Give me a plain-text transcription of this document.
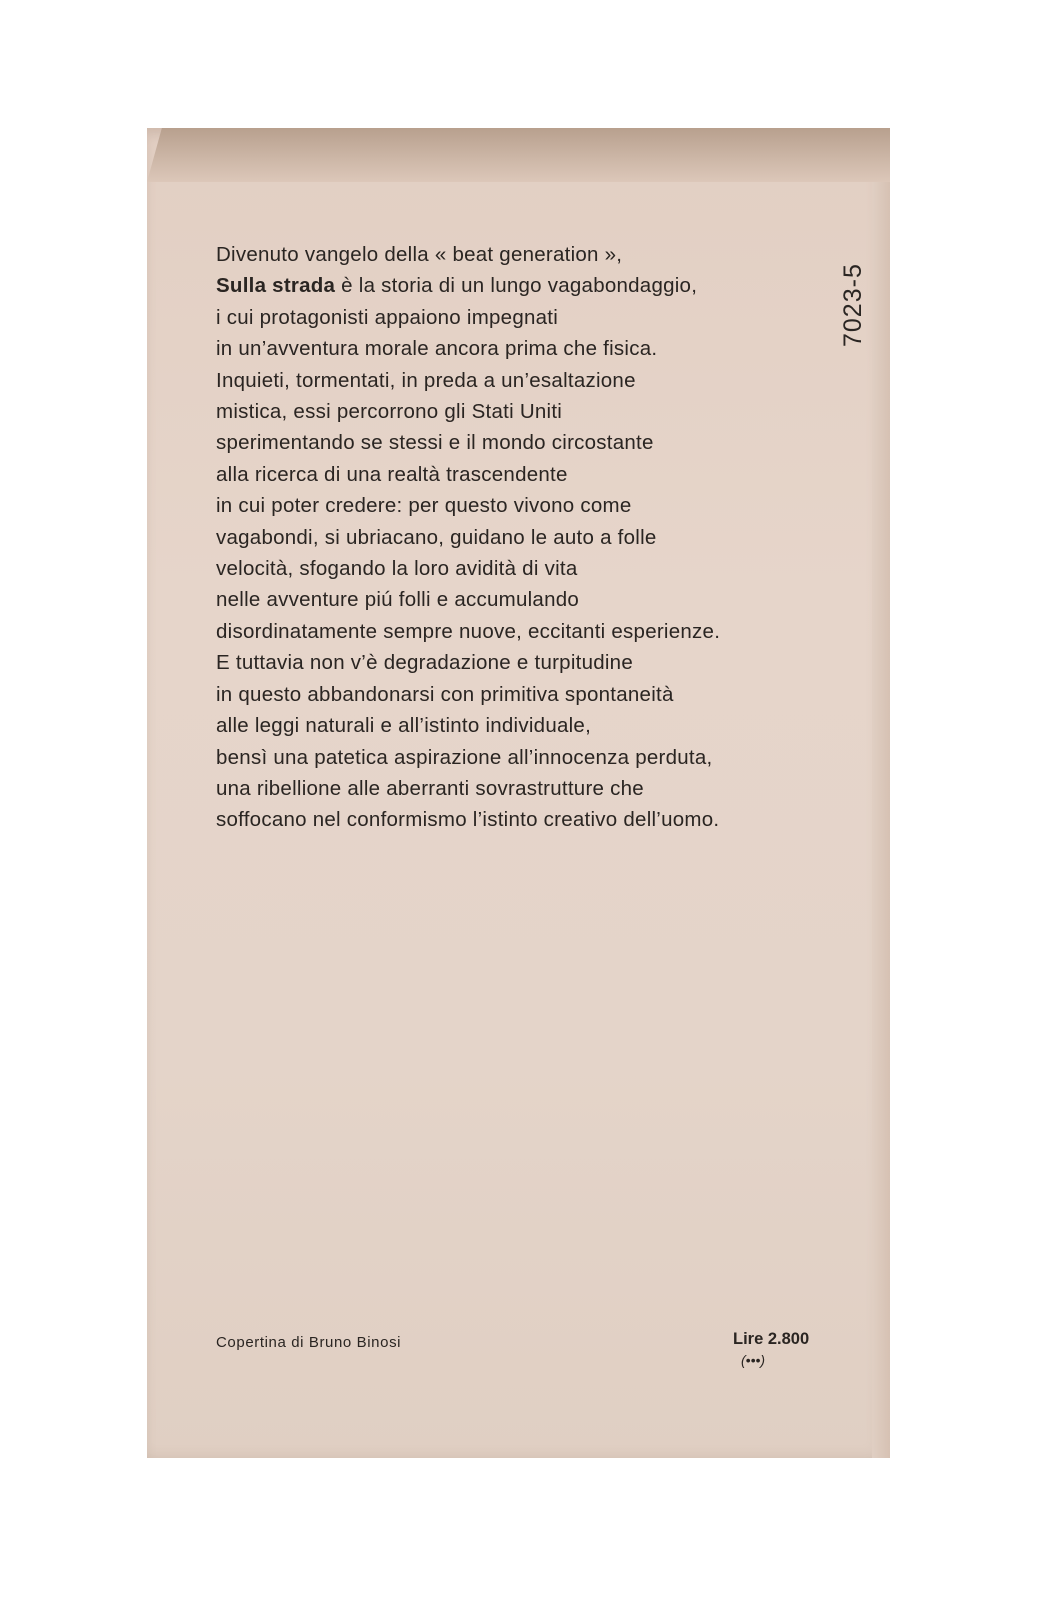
Divenuto vangelo della « beat generation »,
Sulla strada è la storia di un lungo vagabondaggio,
i cui protagonisti appaiono impegnati
in un’avventura morale ancora prima che fisica.
Inquieti, tormentati, in preda a un’esaltazione
mistica, essi percorrono gli Stati Uniti
sperimentando se stessi e il mondo circostante
alla ricerca di una realtà trascendente
in cui poter credere: per questo vivono come
vagabondi, si ubriacano, guidano le auto a folle
velocità, sfogando la loro avidità di vita
nelle avventure piú folli e accumulando
disordinatamente sempre nuove, eccitanti esperienze.
E tuttavia non v’è degradazione e turpitudine
in questo abbandonarsi con primitiva spontaneità
alle leggi naturali e all’istinto individuale,
bensì una patetica aspirazione all’innocenza perduta,
una ribellione alle aberranti sovrastrutture che
soffocano nel conformismo l’istinto creativo dell’uomo.

7023-5
Copertina di Bruno Binosi	Lire 2.800
(•••)
